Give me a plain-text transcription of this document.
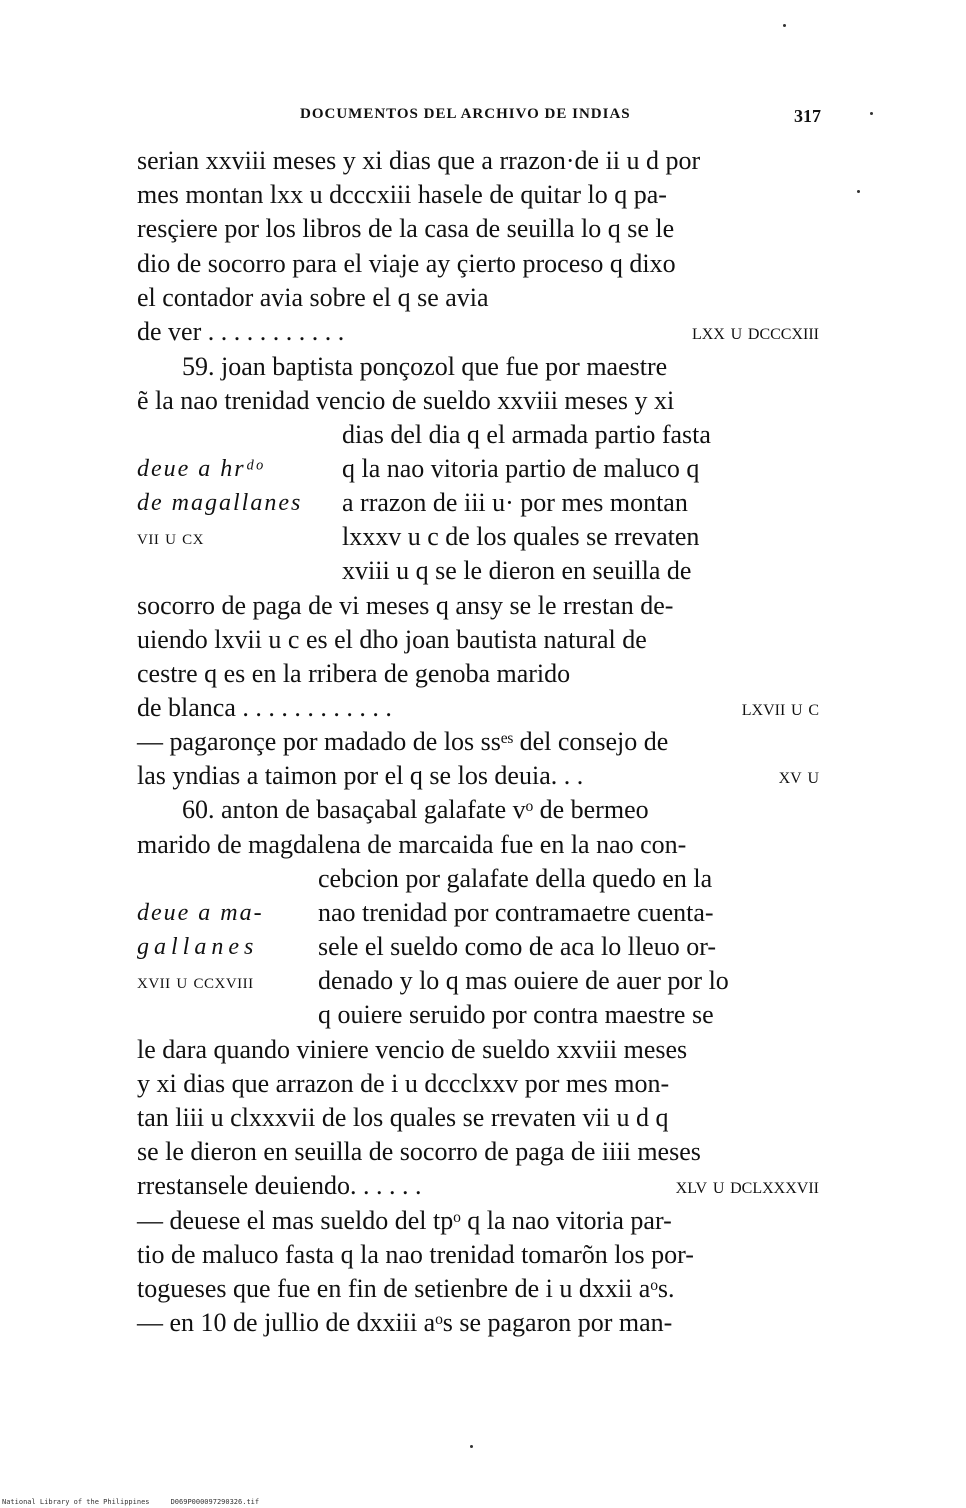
DOCUMENTOS DEL ARCHIVO DE INDIAS	317
serian xxviii meses y xi dias que a rrazon·de ii u d por
mes montan lxx u dcccxiii hasele de quitar lo q pa-
resçiere por los libros de la casa de seuilla lo q se le
dio de socorro para el viaje ay çierto proceso q dixo
el contador avia sobre el q se avia
de ver . . . . . . . . . . .	lxx u dcccxiii
59. joan baptista ponçozol que fue por maestre
ẽ la nao trenidad vencio de sueldo xxviii meses y xi
dias del dia q el armada partio fasta
q la nao vitoria partio de maluco q
a rrazon de iii u· por mes montan
lxxxv u c de los quales se rrevaten
xviii u q se le dieron en seuilla de
socorro de paga de vi meses q ansy se le rrestan de-
uiendo lxvii u c es el dho joan bautista natural de
cestre q es en la rribera de genoba marido
de blanca . . . . . . . . . . . .	lxvii u c
— pagaronçe por madado de los ssᵉˢ del consejo de
las yndias a taimon por el q se los deuia. . .	xv u
60. anton de basaçabal galafate vᵒ de bermeo
marido de magdalena de marcaida fue en la nao con-
cebcion por galafate della quedo en la
nao trenidad por contramaetre cuenta-
sele el sueldo como de aca lo lleuo or-
denado y lo q mas ouiere de auer por lo
q ouiere seruido por contra maestre se
le dara quando viniere vencio de sueldo xxviii meses
y xi dias que arrazon de i u dccclxxv por mes mon-
tan liii u clxxxvii de los quales se rrevaten vii u d q
se le dieron en seuilla de socorro de paga de iiii meses
rrestansele deuiendo. . . . . .	xlv u dclxxxvii
— deuese el mas sueldo del tpᵒ q la nao vitoria par-
tio de maluco fasta q la nao trenidad tomarõn los por-
togueses que fue en fin de setienbre de i u dxxii aᵒs.
— en 10 de jullio de dxxiii aᵒs se pagaron por man-
deue a hrᵈᵒ
de magallanes
vii u cx
deue a ma-
gallanes
xvii u ccxviii
National Library of the Philippines	D069P000097290326.tif
